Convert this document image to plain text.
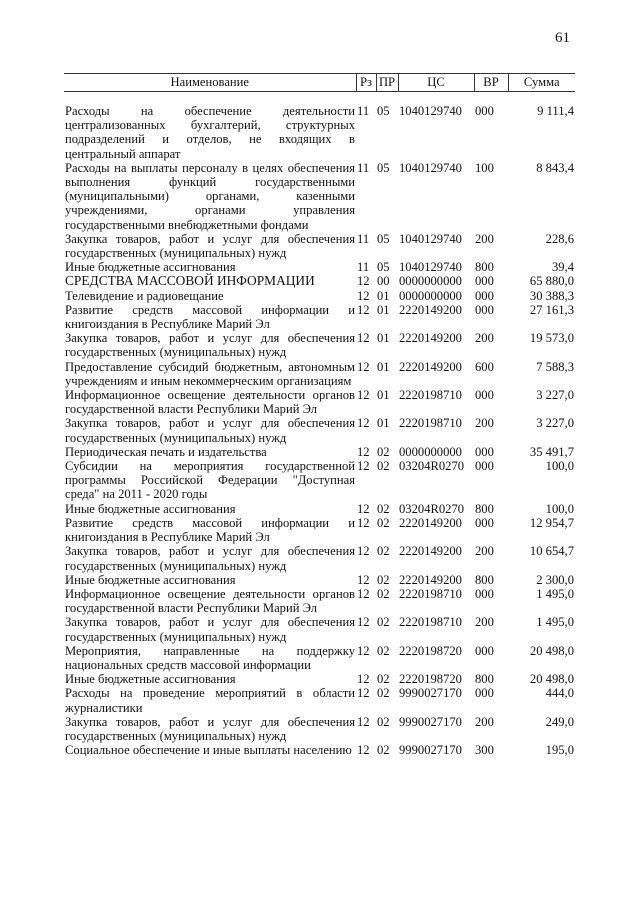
61
Наименование	Рз	ПР	ЦС	ВР	Сумма
Расходы на обеспечение деятельности централизованных бухгалтерий, структурных подразделений и отделов, не входящих в центральный аппарат	11	05	1040129740	000	9 111,4
Расходы на выплаты персоналу в целях обеспечения выполнения функций государственными (муниципальными) органами, казенными учреждениями, органами управления государственными внебюджетными фондами	11	05	1040129740	100	8 843,4
Закупка товаров, работ и услуг для обеспечения государственных (муниципальных) нужд	11	05	1040129740	200	228,6
Иные бюджетные ассигнования	11	05	1040129740	800	39,4
СРЕДСТВА МАССОВОЙ ИНФОРМАЦИИ	12	00	0000000000	000	65 880,0
Телевидение и радиовещание	12	01	0000000000	000	30 388,3
Развитие средств массовой информации и книгоиздания в Республике Марий Эл	12	01	2220149200	000	27 161,3
Закупка товаров, работ и услуг для обеспечения государственных (муниципальных) нужд	12	01	2220149200	200	19 573,0
Предоставление субсидий бюджетным, автономным учреждениям и иным некоммерческим организациям	12	01	2220149200	600	7 588,3
Информационное освещение деятельности органов государственной власти Республики Марий Эл	12	01	2220198710	000	3 227,0
Закупка товаров, работ и услуг для обеспечения государственных (муниципальных) нужд	12	01	2220198710	200	3 227,0
Периодическая печать и издательства	12	02	0000000000	000	35 491,7
Субсидии на мероприятия государственной программы Российской Федерации "Доступная среда" на 2011 - 2020 годы	12	02	03204R0270	000	100,0
Иные бюджетные ассигнования	12	02	03204R0270	800	100,0
Развитие средств массовой информации и книгоиздания в Республике Марий Эл	12	02	2220149200	000	12 954,7
Закупка товаров, работ и услуг для обеспечения государственных (муниципальных) нужд	12	02	2220149200	200	10 654,7
Иные бюджетные ассигнования	12	02	2220149200	800	2 300,0
Информационное освещение деятельности органов государственной власти Республики Марий Эл	12	02	2220198710	000	1 495,0
Закупка товаров, работ и услуг для обеспечения государственных (муниципальных) нужд	12	02	2220198710	200	1 495,0
Мероприятия, направленные на поддержку национальных средств массовой информации	12	02	2220198720	000	20 498,0
Иные бюджетные ассигнования	12	02	2220198720	800	20 498,0
Расходы на проведение мероприятий в области журналистики	12	02	9990027170	000	444,0
Закупка товаров, работ и услуг для обеспечения государственных (муниципальных) нужд	12	02	9990027170	200	249,0
Социальное обеспечение и иные выплаты населению	12	02	9990027170	300	195,0
